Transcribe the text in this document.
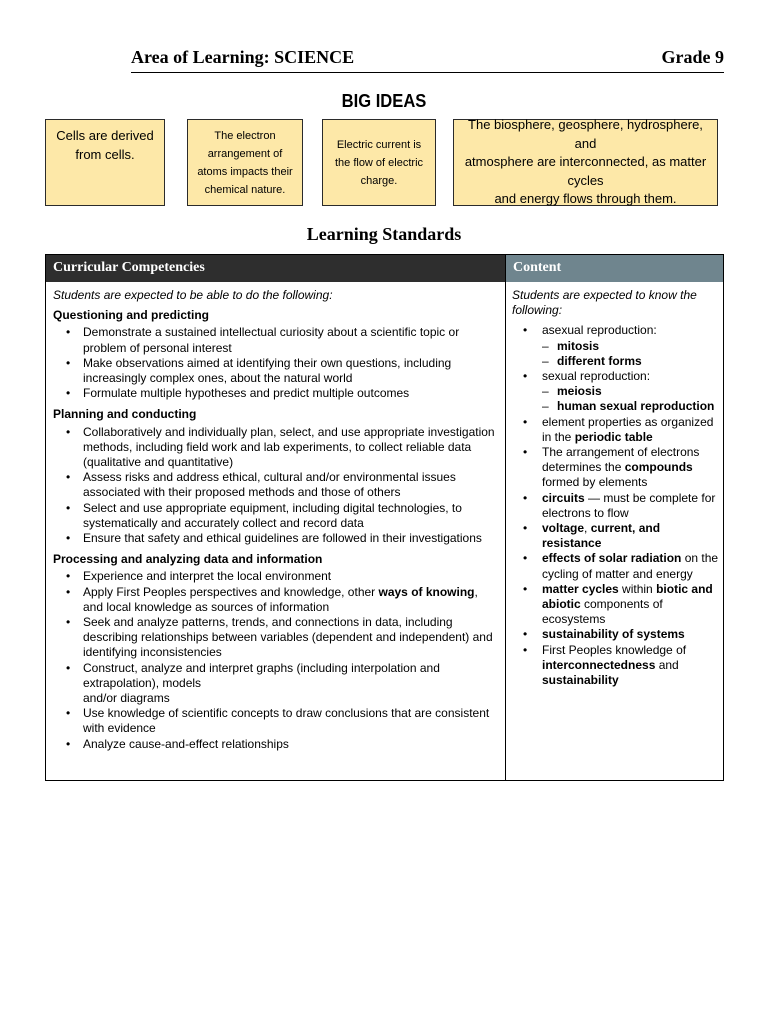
Area of Learning: SCIENCE	Grade 9
BIG IDEAS
Cells are derived
from cells.
The electron
arrangement of
atoms impacts their
chemical nature.
Electric current is
the flow of electric
charge.
The biosphere, geosphere, hydrosphere, and
atmosphere are interconnected, as matter
cycles
and energy flows through them.
Learning Standards
Curricular Competencies	Content
Students are expected to be able to do the following:
Questioning and predicting
• Demonstrate a sustained intellectual curiosity about a scientific topic or problem of personal interest
• Make observations aimed at identifying their own questions, including increasingly complex ones, about the natural world
• Formulate multiple hypotheses and predict multiple outcomes
Planning and conducting
• Collaboratively and individually plan, select, and use appropriate investigation methods, including field work and lab experiments, to collect reliable data (qualitative and quantitative)
• Assess risks and address ethical, cultural and/or environmental issues associated with their proposed methods and those of others
• Select and use appropriate equipment, including digital technologies, to systematically and accurately collect and record data
• Ensure that safety and ethical guidelines are followed in their investigations
Processing and analyzing data and information
• Experience and interpret the local environment
• Apply First Peoples perspectives and knowledge, other ways of knowing, and local knowledge as sources of information
• Seek and analyze patterns, trends, and connections in data, including describing relationships between variables (dependent and independent) and identifying inconsistencies
• Construct, analyze and interpret graphs (including interpolation and extrapolation), models
and/or diagrams
• Use knowledge of scientific concepts to draw conclusions that are consistent with evidence
• Analyze cause-and-effect relationships
Students are expected to know the following:
• asexual reproduction:
– mitosis
– different forms
• sexual reproduction:
– meiosis
– human sexual reproduction
• element properties as organized in the periodic table
• The arrangement of electrons determines the compounds formed by elements
• circuits — must be complete for electrons to flow
• voltage, current, and resistance
• effects of solar radiation on the cycling of matter and energy
• matter cycles within biotic and abiotic components of ecosystems
• sustainability of systems
• First Peoples knowledge of interconnectedness and sustainability
